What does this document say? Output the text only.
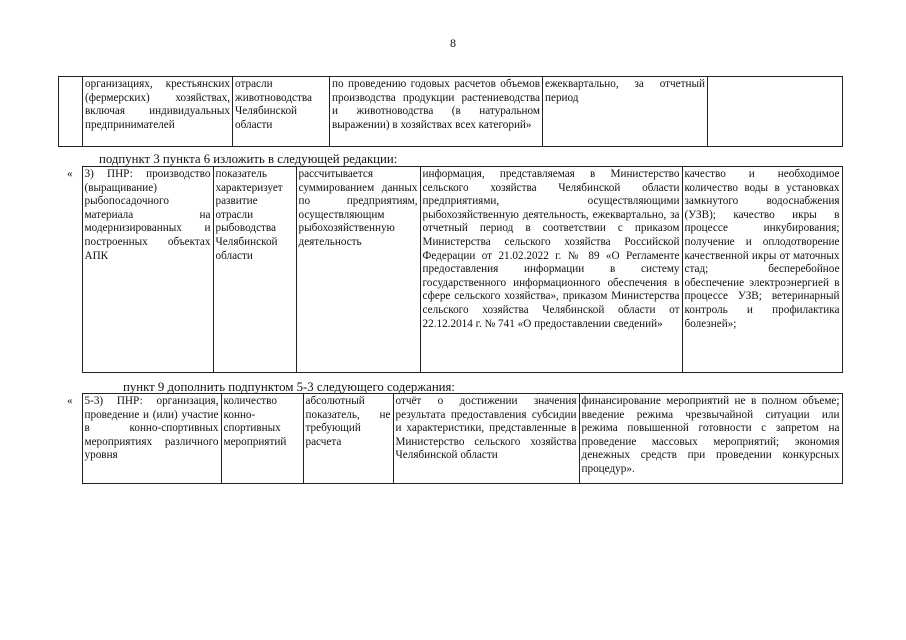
8
	организациях, крестьянских (фермерских) хозяйствах, включая индивидуальных предпринимателей	отрасли животноводства Челябинской области	по проведению годовых расчетов объемов производства продукции растениеводства и животноводства (в натуральном выражении) в хозяйствах всех категорий»	ежеквартально, за отчетный период	
подпункт 3 пункта 6 изложить в следующей редакции:
«	3) ПНР: производство (выращивание) рыбопосадочного материала на модернизированных и построенных объектах АПК	показатель характеризует развитие отрасли рыбоводства Челябинской области	рассчитывается суммированием данных по предприятиям, осуществляющим рыбохозяйственную деятельность	информация, представляемая в Министерство сельского хозяйства Челябинской области предприятиями, осуществляющими рыбохозяйственную деятельность, ежеквартально, за отчетный период в соответствии с приказом Министерства сельского хозяйства Российской Федерации от 21.02.2022 г. № 89 «О Регламенте предоставления информации в систему государственного информационного обеспечения в сфере сельского хозяйства», приказом Министерства сельского хозяйства Челябинской области от 22.12.2014 г. № 741 «О предоставлении сведений»	качество и необходимое количество воды в установках замкнутого водоснабжения (УЗВ); качество икры в процессе инкубирования; получение и оплодотворение качественной икры от маточных стад; бесперебойное обеспечение электроэнергией в процессе УЗВ; ветеринарный контроль и профилактика болезней»;
пункт 9 дополнить подпунктом 5-3 следующего содержания:
«	5-3) ПНР: организация, проведение и (или) участие в конно-спортивных мероприятиях различного уровня	количество конно-спортивных мероприятий	абсолютный показатель, не требующий расчета	отчёт о достижении значения результата предоставления субсидии и характеристики, представленные в Министерство сельского хозяйства Челябинской области	финансирование мероприятий не в полном объеме; введение режима чрезвычайной ситуации или режима повышенной готовности с запретом на проведение массовых мероприятий; экономия денежных средств при проведении конкурсных процедур».
